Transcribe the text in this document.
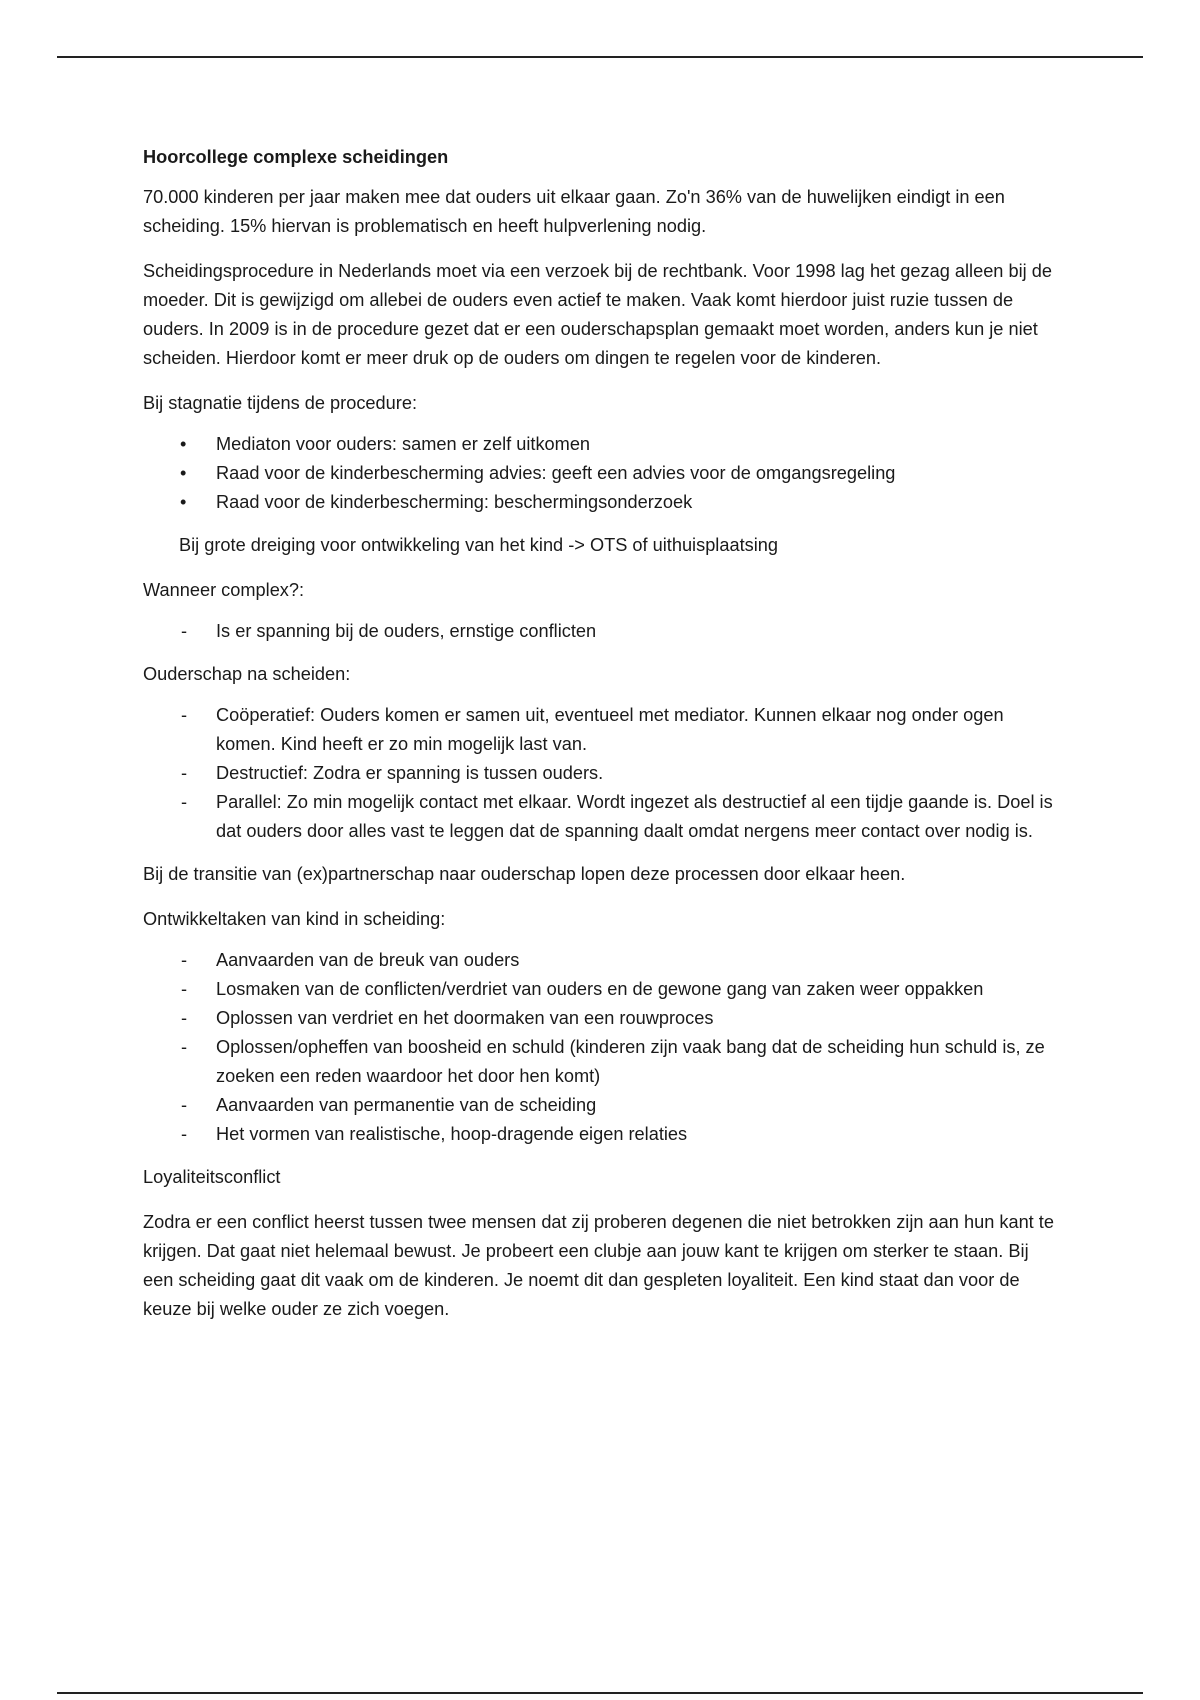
Hoorcollege complexe scheidingen

70.000 kinderen per jaar maken mee dat ouders uit elkaar gaan. Zo'n 36% van de huwelijken eindigt in een scheiding. 15% hiervan is problematisch en heeft hulpverlening nodig.

Scheidingsprocedure in Nederlands moet via een verzoek bij de rechtbank. Voor 1998 lag het gezag alleen bij de moeder. Dit is gewijzigd om allebei de ouders even actief te maken. Vaak komt hierdoor juist ruzie tussen de ouders. In 2009 is in de procedure gezet dat er een ouderschapsplan gemaakt moet worden, anders kun je niet scheiden. Hierdoor komt er meer druk op de ouders om dingen te regelen voor de kinderen.

Bij stagnatie tijdens de procedure:

• Mediaton voor ouders: samen er zelf uitkomen
• Raad voor de kinderbescherming advies: geeft een advies voor de omgangsregeling
• Raad voor de kinderbescherming: beschermingsonderzoek

Bij grote dreiging voor ontwikkeling van het kind -> OTS of uithuisplaatsing

Wanneer complex?:

- Is er spanning bij de ouders, ernstige conflicten

Ouderschap na scheiden:

- Coöperatief: Ouders komen er samen uit, eventueel met mediator. Kunnen elkaar nog onder ogen komen. Kind heeft er zo min mogelijk last van.
- Destructief: Zodra er spanning is tussen ouders.
- Parallel: Zo min mogelijk contact met elkaar. Wordt ingezet als destructief al een tijdje gaande is. Doel is dat ouders door alles vast te leggen dat de spanning daalt omdat nergens meer contact over nodig is.

Bij de transitie van (ex)partnerschap naar ouderschap lopen deze processen door elkaar heen.

Ontwikkeltaken van kind in scheiding:

- Aanvaarden van de breuk van ouders
- Losmaken van de conflicten/verdriet van ouders en de gewone gang van zaken weer oppakken
- Oplossen van verdriet en het doormaken van een rouwproces
- Oplossen/opheffen van boosheid en schuld (kinderen zijn vaak bang dat de scheiding hun schuld is, ze zoeken een reden waardoor het door hen komt)
- Aanvaarden van permanentie van de scheiding
- Het vormen van realistische, hoop-dragende eigen relaties

Loyaliteitsconflict

Zodra er een conflict heerst tussen twee mensen dat zij proberen degenen die niet betrokken zijn aan hun kant te krijgen. Dat gaat niet helemaal bewust. Je probeert een clubje aan jouw kant te krijgen om sterker te staan. Bij een scheiding gaat dit vaak om de kinderen. Je noemt dit dan gespleten loyaliteit. Een kind staat dan voor de keuze bij welke ouder ze zich voegen.
